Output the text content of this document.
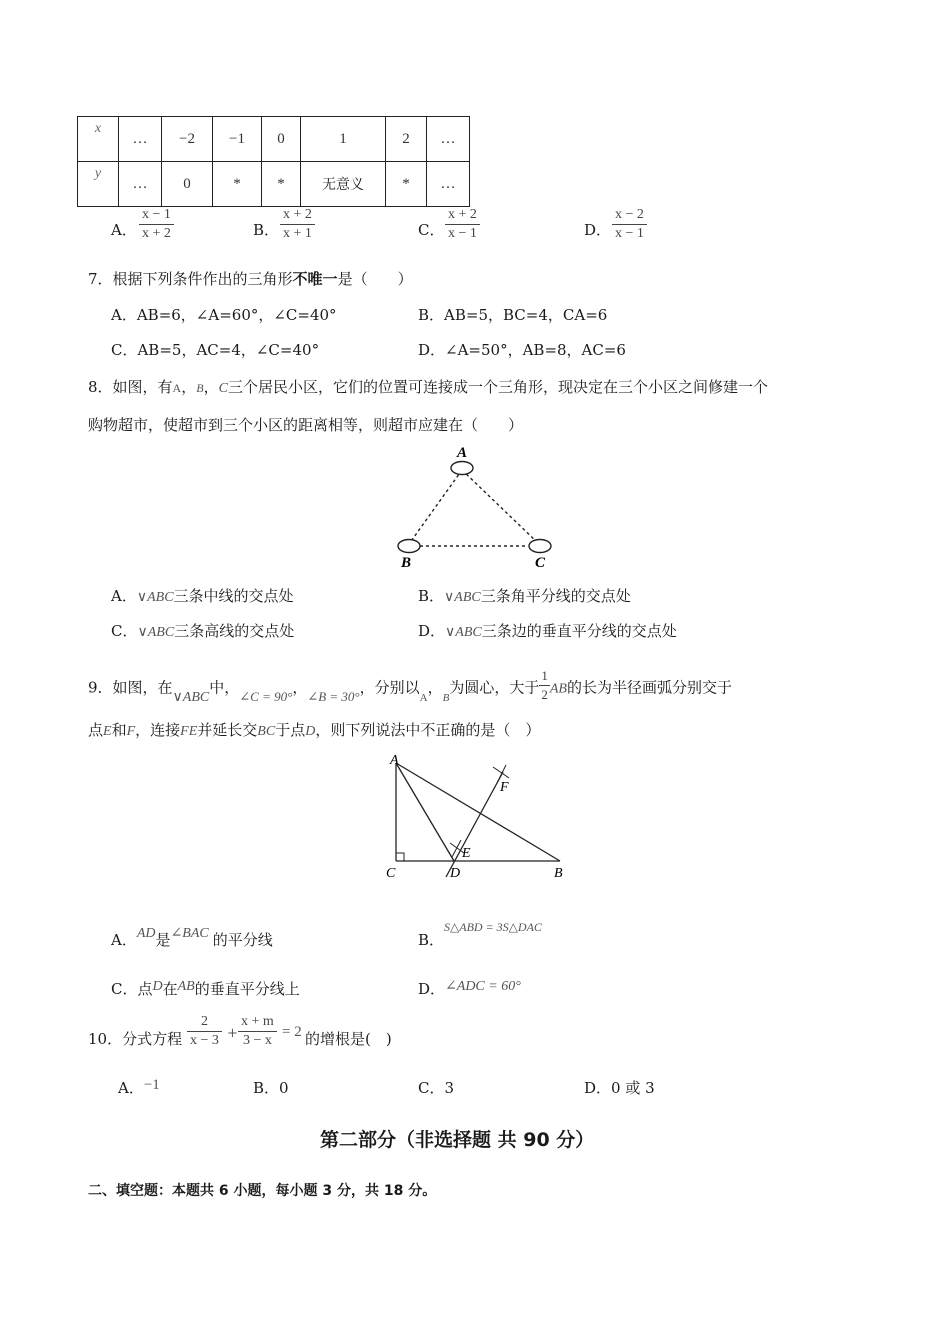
x	…	−2	−1	0	1	2	…
y	…	0	*	*	无意义	*	…
A． $\frac{x - 1}{x + 2}$	B． $\frac{x + 2}{x + 1}$	C． $\frac{x + 2}{x - 1}$	D． $\frac{x - 2}{x - 1}$
7．根据下列条件作出的三角形不唯一是（　　）
A．AB=6，∠A=60°，∠C=40°	B．AB=5，BC=4，CA=6
C．AB=5，AC=4，∠C=40°	D．∠A=50°，AB=8，AC=6
8．如图，有A，B，C三个居民小区，它们的位置可连接成一个三角形，现决定在三个小区之间修建一个
购物超市，使超市到三个小区的距离相等，则超市应建在（　　）
A
B	C
A．∨ABC三条中线的交点处	B．∨ABC三条角平分线的交点处
C．∨ABC三条高线的交点处	D．∨ABC三条边的垂直平分线的交点处
9．如图，在∨ABC中，∠C = 90°，∠B = 30°，分别以$_A$，$_B$为圆心，大于 $\frac{1}{2}$ AB的长为半径画弧分别交于
点E和F，连接FE并延长交BC于点D，则下列说法中不正确的是（　）
A
C	D	B
E
F
A．AD是∠BAC 的平分线	B．$^{S\triangle ABD = 3S\triangle DAC}$
C．点D在AB的垂直平分线上	D．∠ADC = 60°
10．分式方程 $\frac{2}{x - 3} + \frac{x + m}{3 - x} = 2$ 的增根是(　)
A．−1	B．0	C．3	D．0 或 3
第二部分（非选择题 共 90 分）
二、填空题：本题共 6 小题，每小题 3 分，共 18 分。
